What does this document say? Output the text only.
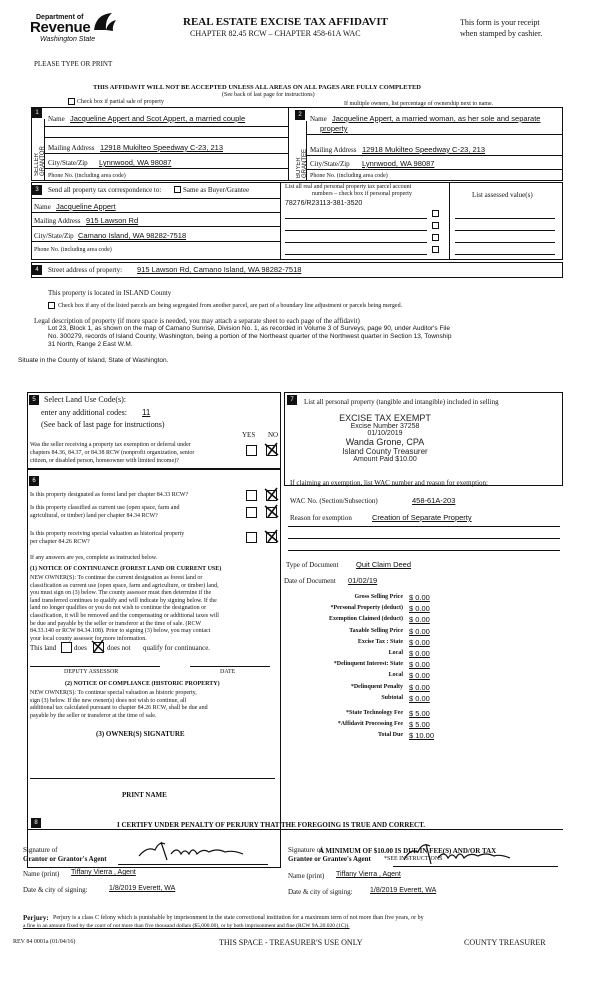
Department of
Revenue
Washington State
REAL ESTATE EXCISE TAX AFFIDAVIT
CHAPTER 82.45 RCW – CHAPTER 458-61A WAC
This form is your receipt
when stamped by cashier.
PLEASE TYPE OR PRINT
THIS AFFIDAVIT WILL NOT BE ACCEPTED UNLESS ALL AREAS ON ALL PAGES ARE FULLY COMPLETED
(See back of last page for instructions)
Check box if partial sale of property	If multiple owners, list percentage of ownership next to name.
1	2
SELLER GRANTOR	BUYER GRANTEE
Name Jacqueline Appert and Scot Appert, a married couple
Mailing Address 12918 Mukilteo Speedway C-23, 213
City/State/Zip Lynnwood, WA 98087
Phone No. (including area code)
Name Jacqueline Appert, a married woman, as her sole and separate
property
Mailing Address 12918 Mukilteo Speedway C-23, 213
City/State/Zip Lynnwood, WA 98087
Phone No. (including area code)
3	Send all property tax correspondence to:	Same as Buyer/Grantee
Name Jacqueline Appert
Mailing Address 915 Lawson Rd
City/State/Zip Camano Island, WA 98282-7518
Phone No. (including area code)
List all real and personal property tax parcel account
numbers – check box if personal property
78276/R23113-381-3520
List assessed value(s)
4	Street address of property: 915 Lawson Rd, Camano Island, WA 98282-7518
This property is located in ISLAND County
Check box if any of the listed parcels are being segregated from another parcel, are part of a boundary line adjustment or parcels being merged.
Legal description of property (if more space is needed, you may attach a separate sheet to each page of the affidavit)
Lot 23, Block 1, as shown on the map of Camano Sunrise, Division No. 1, as recorded in Volume 3 of Surveys, page 90, under Auditor's File
No. 300279, records of Island County, Washington, being a portion of the Northeast quarter of the Northwest quarter in Section 13, Township
31 North, Range 2 East W.M.
Situate in the County of Island, State of Washington.
5	Select Land Use Code(s):
enter any additional codes: 11
(See back of last page for instructions)
YES NO
Was the seller receiving a property tax exemption or deferral under
chapters 84.36, 84.37, or 84.38 RCW (nonprofit organization, senior
citizen, or disabled person, homeowner with limited income)?
6
Is this property designated as forest land per chapter 84.33 RCW?
Is this property classified as current use (open space, farm and
agricultural, or timber) land per chapter 84.34 RCW?
Is this property receiving special valuation as historical property
per chapter 84.26 RCW?
If any answers are yes, complete as instructed below.
(1) NOTICE OF CONTINUANCE (FOREST LAND OR CURRENT USE)
NEW OWNER(S): To continue the current designation as forest land or
classification as current use (open space, farm and agriculture, or timber) land,
you must sign on (3) below. The county assessor must then determine if the
land transferred continues to qualify and will indicate by signing below. If the
land no longer qualifies or you do not wish to continue the designation or
classification, it will be removed and the compensating or additional taxes will
be due and payable by the seller or transferor at the time of sale. (RCW
84.33.140 or RCW 84.34.108). Prior to signing (3) below, you may contact
your local county assessor for more information.
This land	does	does not qualify for continuance.
DEPUTY ASSESSOR	DATE
(2) NOTICE OF COMPLIANCE (HISTORIC PROPERTY)
NEW OWNER(S): To continue special valuation as historic property,
sign (3) below. If the new owner(s) does not wish to continue, all
additional tax calculated pursuant to chapter 84.26 RCW, shall be due and
payable by the seller or transferor at the time of sale.
(3) OWNER(S) SIGNATURE
PRINT NAME
7	List all personal property (tangible and intangible) included in selling
EXCISE TAX EXEMPT
Excise Number 37258
01/10/2019
Wanda Grone, CPA
Island County Treasurer
Amount Paid $10.00
If claiming an exemption, list WAC number and reason for exemption:
WAC No. (Section/Subsection)	458-61A-203
Reason for exemption	Creation of Separate Property
Type of Document Quit Claim Deed
Date of Document 01/02/19
Gross Selling Price $ 0.00
*Personal Property (deduct) $ 0.00
Exemption Claimed (deduct) $ 0.00
Taxable Selling Price $ 0.00
Excise Tax : State $ 0.00
Local $ 0.00
*Delinquent Interest: State $ 0.00
Local $ 0.00
*Delinquent Penalty $ 0.00
Subtotal $ 0.00
*State Technology Fee $ 5.00
*Affidavit Processing Fee $ 5.00
Total Due $ 10.00
A MINIMUM OF $10.00 IS DUE IN FEE(S) AND/OR TAX
*SEE INSTRUCTIONS
8	I CERTIFY UNDER PENALTY OF PERJURY THAT THE FOREGOING IS TRUE AND CORRECT.
Signature of
Grantor or Grantor's Agent
Name (print) Tiffany Vierra , Agent
Date & city of signing:	1/8/2019 Everett, WA
Signature of
Grantee or Grantee's Agent
Name (print) Tiffany Vierra , Agent
Date & city of signing: 1/8/2019 Everett, WA
Perjury: Perjury is a class C felony which is punishable by imprisonment in the state correctional institution for a maximum term of not more than five years, or by
a fine in an amount fixed by the court of not more than five thousand dollars ($5,000.00), or by both imprisonment and fine (RCW 9A.20.020 (1C)).
REV 84 0001a (01/04/16)	THIS SPACE - TREASURER'S USE ONLY	COUNTY TREASURER
